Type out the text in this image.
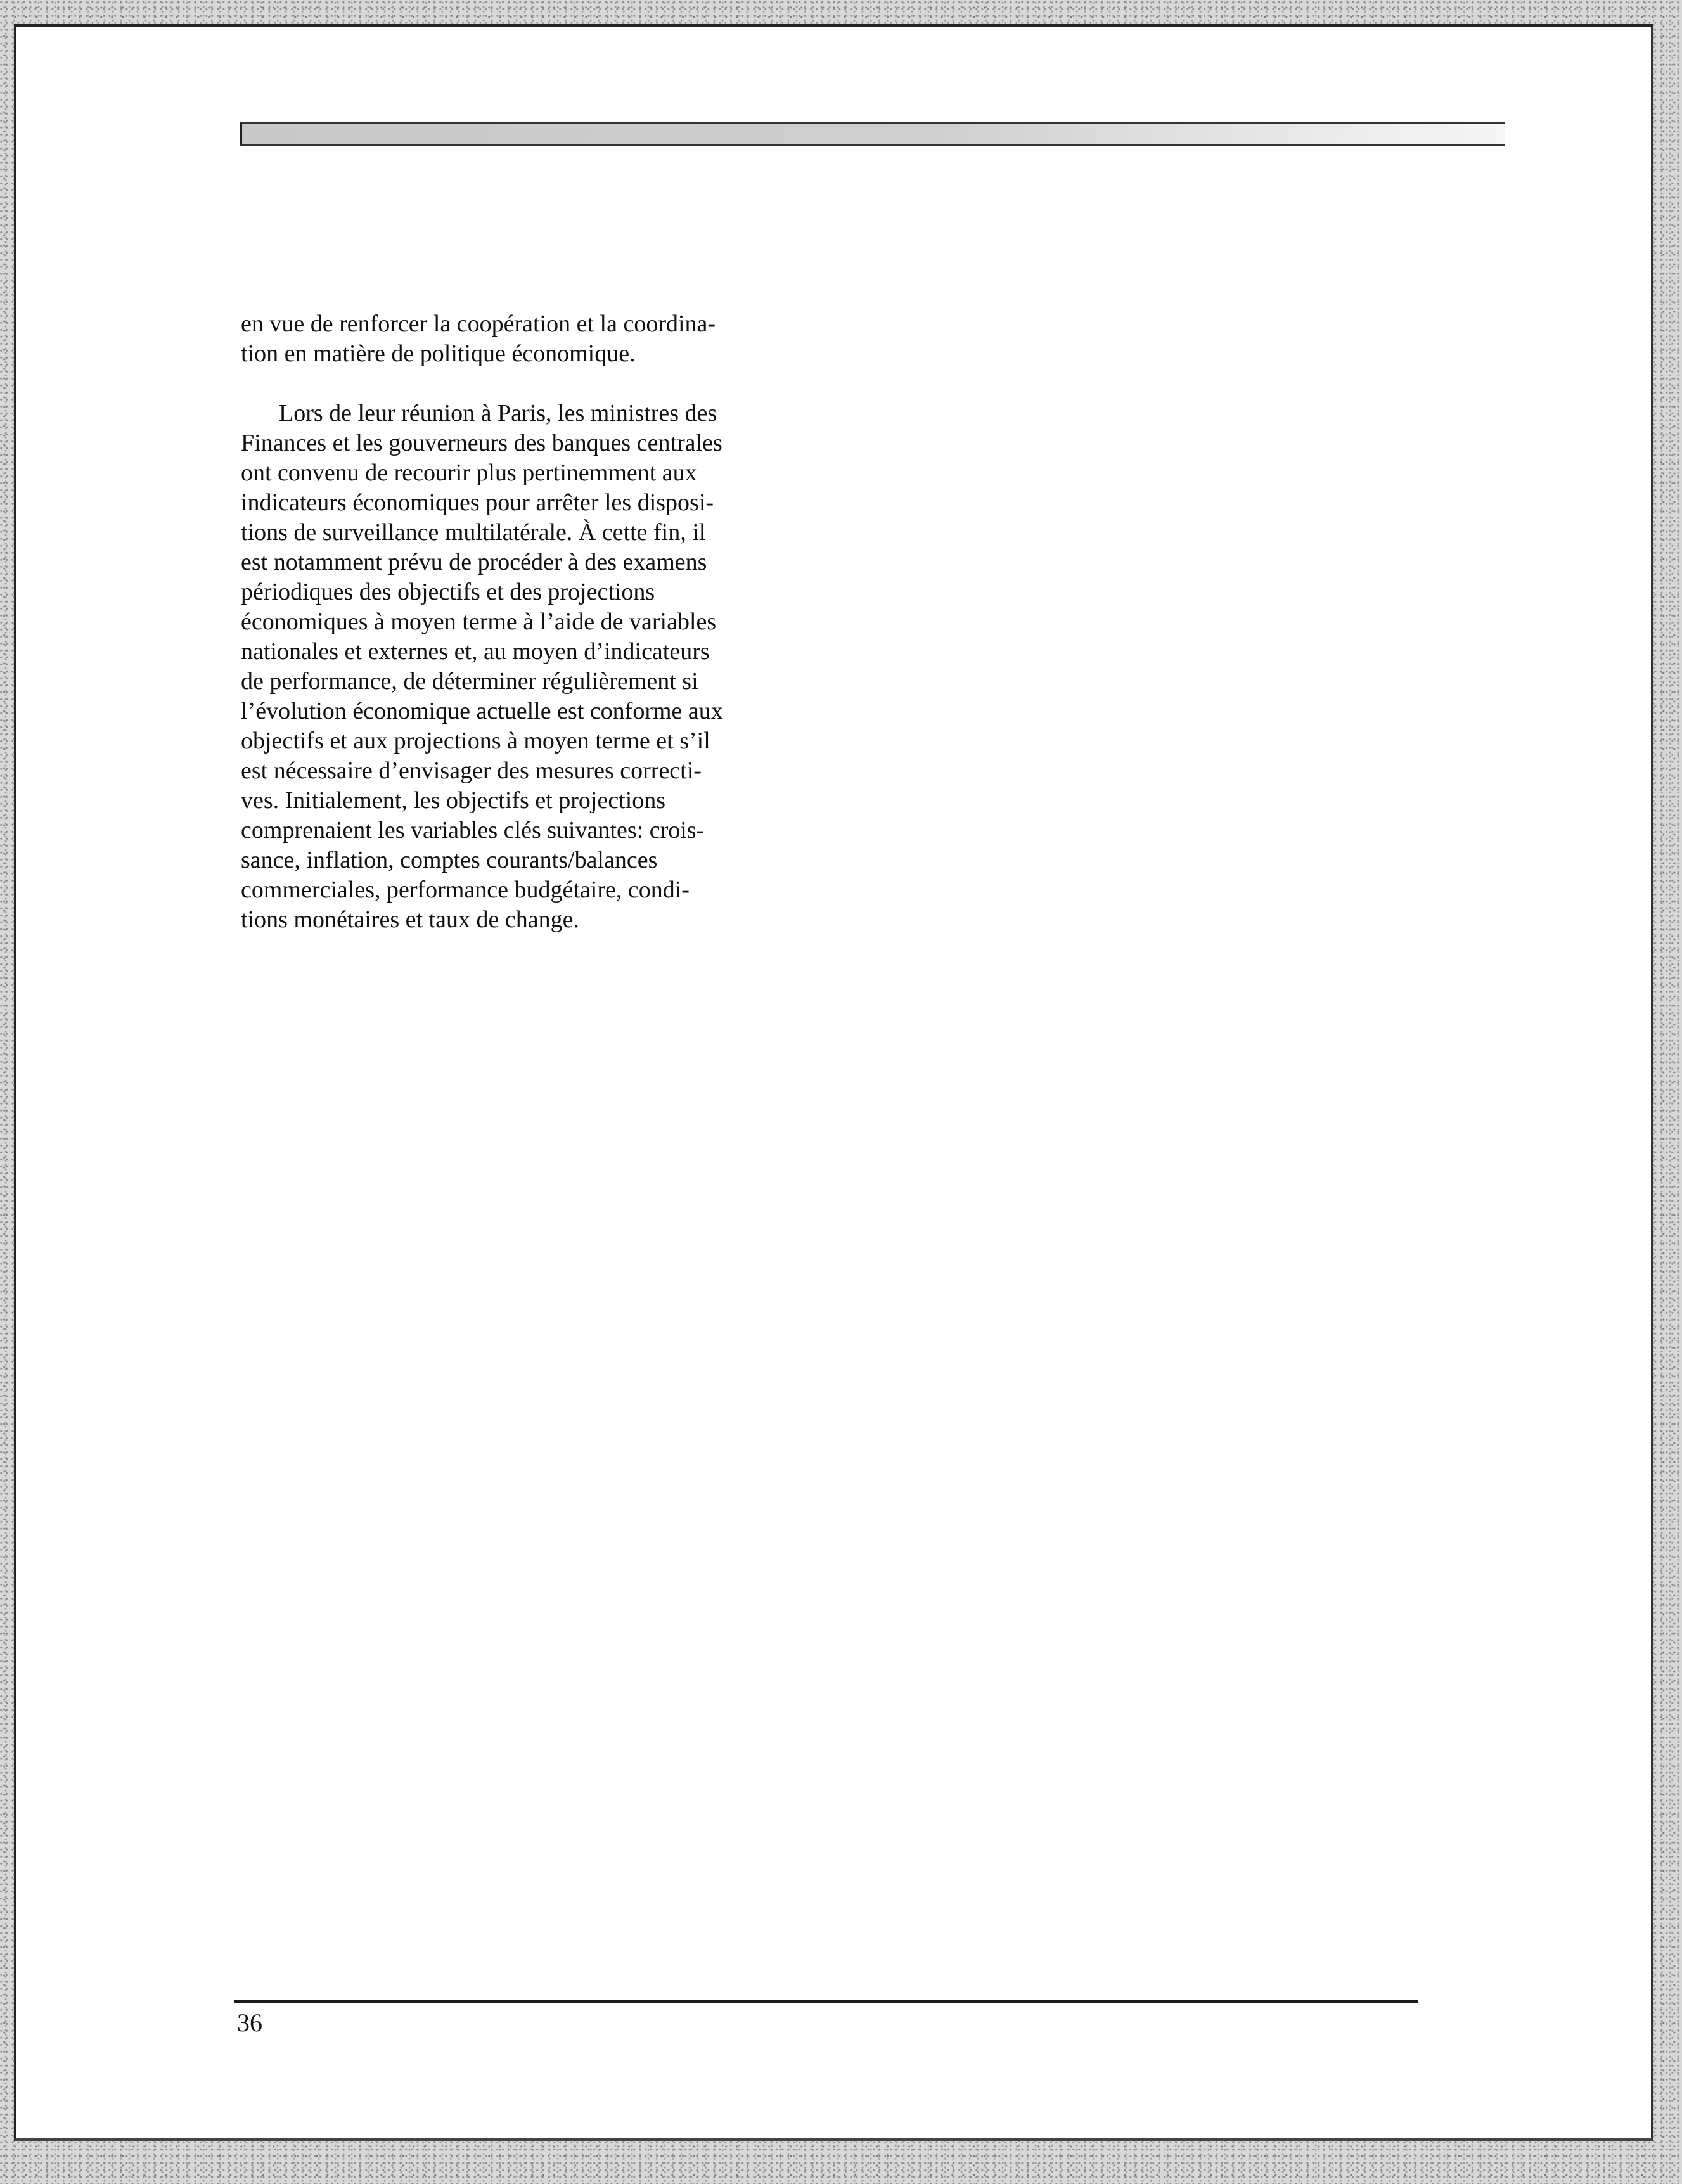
en vue de renforcer la coopération et la coordina-
tion en matière de politique économique.

Lors de leur réunion à Paris, les ministres des
Finances et les gouverneurs des banques centrales
ont convenu de recourir plus pertinemment aux
indicateurs économiques pour arrêter les disposi-
tions de surveillance multilatérale. À cette fin, il
est notamment prévu de procéder à des examens
périodiques des objectifs et des projections
économiques à moyen terme à l’aide de variables
nationales et externes et, au moyen d’indicateurs
de performance, de déterminer régulièrement si
l’évolution économique actuelle est conforme aux
objectifs et aux projections à moyen terme et s’il
est nécessaire d’envisager des mesures correcti-
ves. Initialement, les objectifs et projections
comprenaient les variables clés suivantes: crois-
sance, inflation, comptes courants/balances
commerciales, performance budgétaire, condi-
tions monétaires et taux de change.

36
